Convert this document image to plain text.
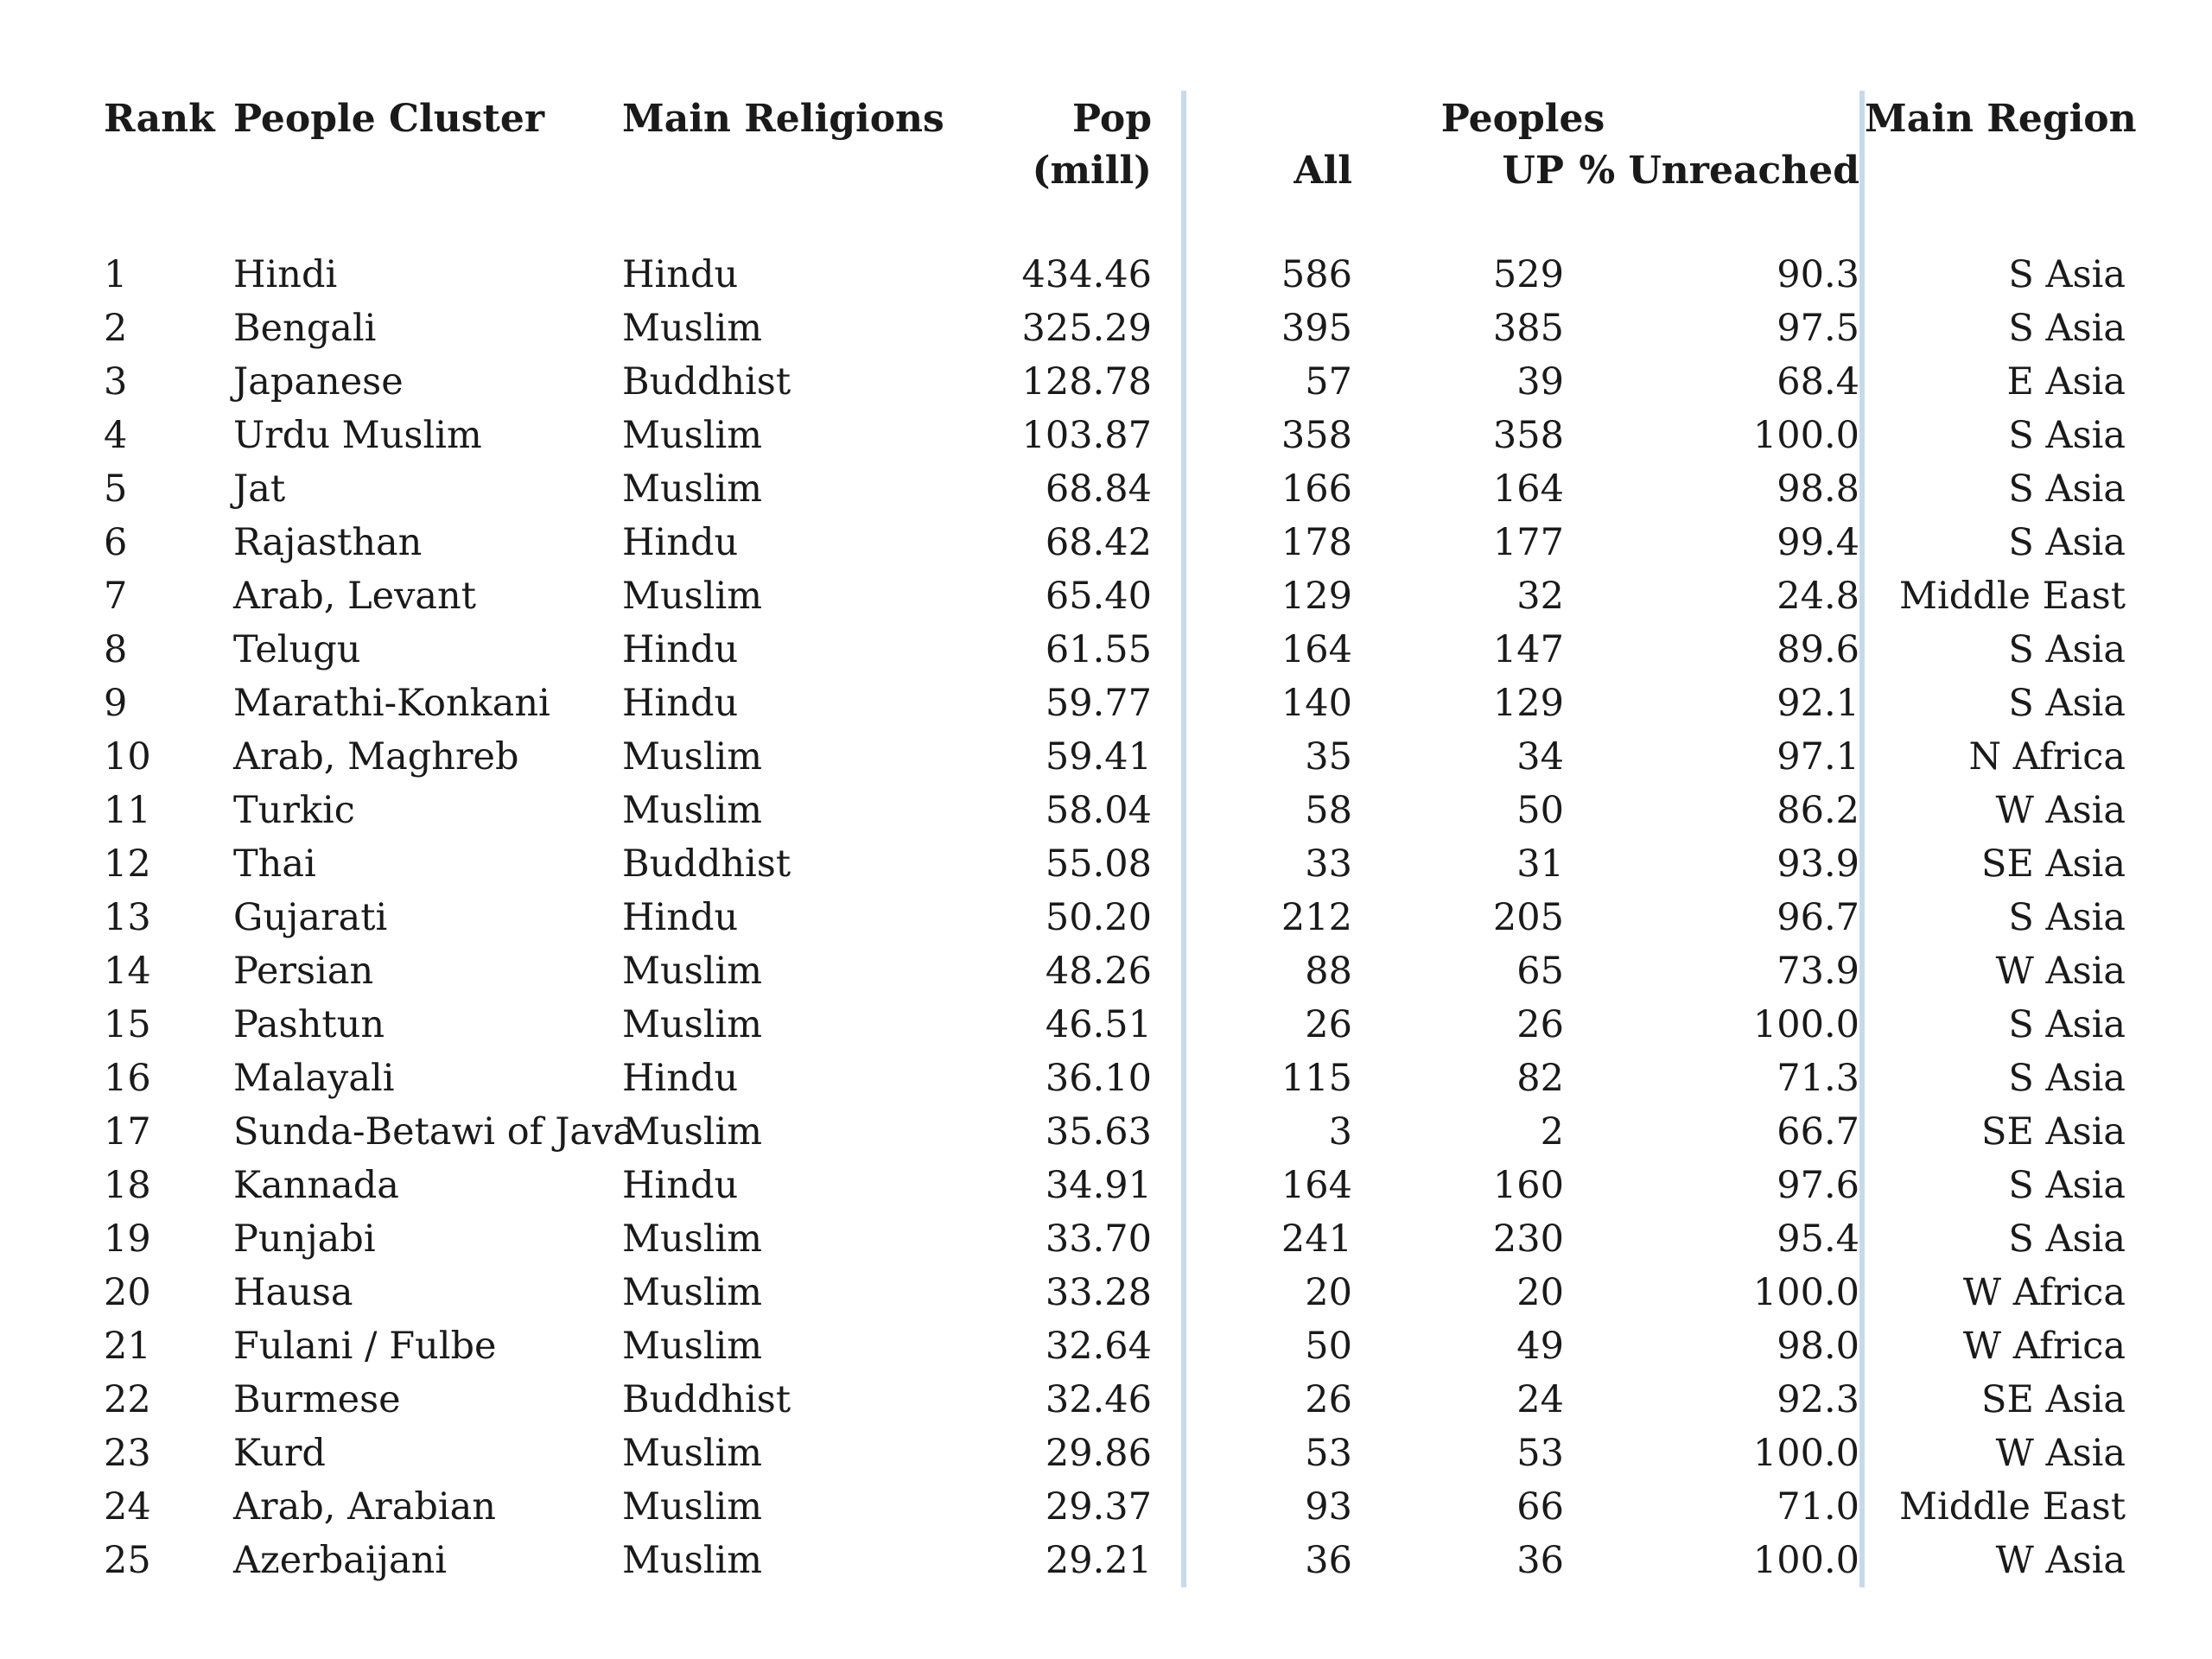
Rank	People Cluster	Main Religions	Pop	Peoples			Main Region
			(mill)	All	UP	% Unreached	

1	Hindi	Hindu	434.46	586	529	90.3	S Asia
2	Bengali	Muslim	325.29	395	385	97.5	S Asia
3	Japanese	Buddhist	128.78	57	39	68.4	E Asia
4	Urdu Muslim	Muslim	103.87	358	358	100.0	S Asia
5	Jat	Muslim	68.84	166	164	98.8	S Asia
6	Rajasthan	Hindu	68.42	178	177	99.4	S Asia
7	Arab, Levant	Muslim	65.40	129	32	24.8	Middle East
8	Telugu	Hindu	61.55	164	147	89.6	S Asia
9	Marathi-Konkani	Hindu	59.77	140	129	92.1	S Asia
10	Arab, Maghreb	Muslim	59.41	35	34	97.1	N Africa
11	Turkic	Muslim	58.04	58	50	86.2	W Asia
12	Thai	Buddhist	55.08	33	31	93.9	SE Asia
13	Gujarati	Hindu	50.20	212	205	96.7	S Asia
14	Persian	Muslim	48.26	88	65	73.9	W Asia
15	Pashtun	Muslim	46.51	26	26	100.0	S Asia
16	Malayali	Hindu	36.10	115	82	71.3	S Asia
17	Sunda-Betawi of Java	Muslim	35.63	3	2	66.7	SE Asia
18	Kannada	Hindu	34.91	164	160	97.6	S Asia
19	Punjabi	Muslim	33.70	241	230	95.4	S Asia
20	Hausa	Muslim	33.28	20	20	100.0	W Africa
21	Fulani / Fulbe	Muslim	32.64	50	49	98.0	W Africa
22	Burmese	Buddhist	32.46	26	24	92.3	SE Asia
23	Kurd	Muslim	29.86	53	53	100.0	W Asia
24	Arab, Arabian	Muslim	29.37	93	66	71.0	Middle East
25	Azerbaijani	Muslim	29.21	36	36	100.0	W Asia
